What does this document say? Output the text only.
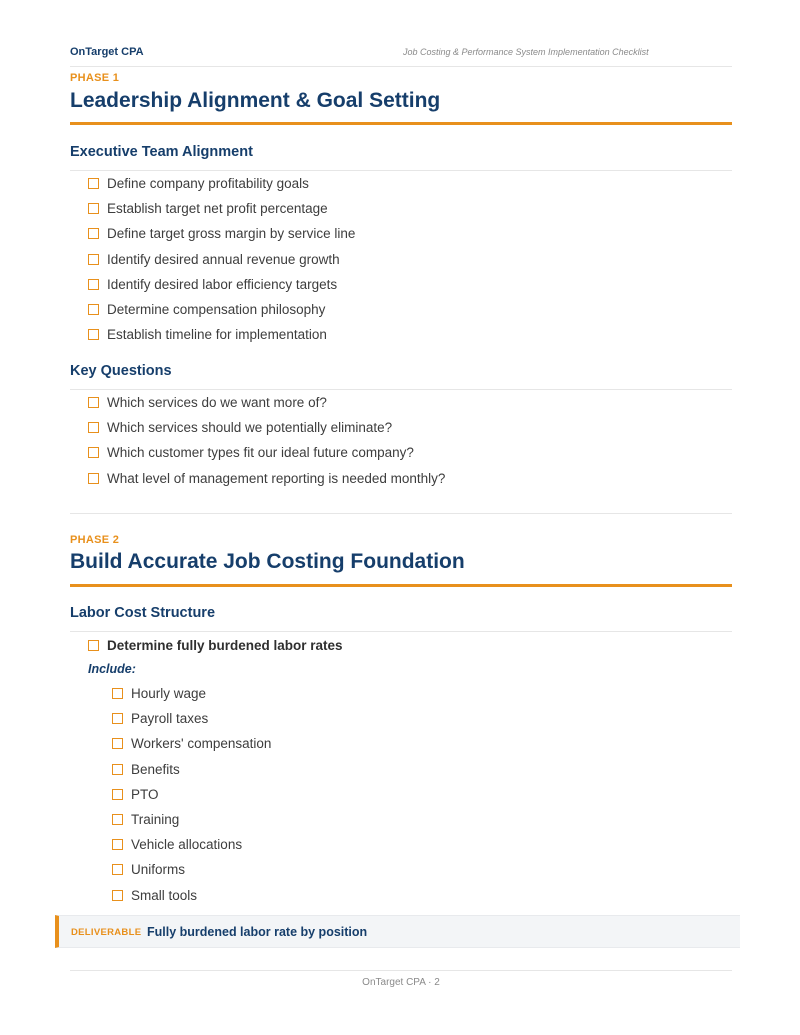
OnTarget CPA	Job Costing & Performance System Implementation Checklist
PHASE 1
Leadership Alignment & Goal Setting
Executive Team Alignment
Define company profitability goals
Establish target net profit percentage
Define target gross margin by service line
Identify desired annual revenue growth
Identify desired labor efficiency targets
Determine compensation philosophy
Establish timeline for implementation
Key Questions
Which services do we want more of?
Which services should we potentially eliminate?
Which customer types fit our ideal future company?
What level of management reporting is needed monthly?
PHASE 2
Build Accurate Job Costing Foundation
Labor Cost Structure
Determine fully burdened labor rates
Include:
Hourly wage
Payroll taxes
Workers' compensation
Benefits
PTO
Training
Vehicle allocations
Uniforms
Small tools
OnTarget CPA · 2
DELIVERABLE Fully burdened labor rate by position
